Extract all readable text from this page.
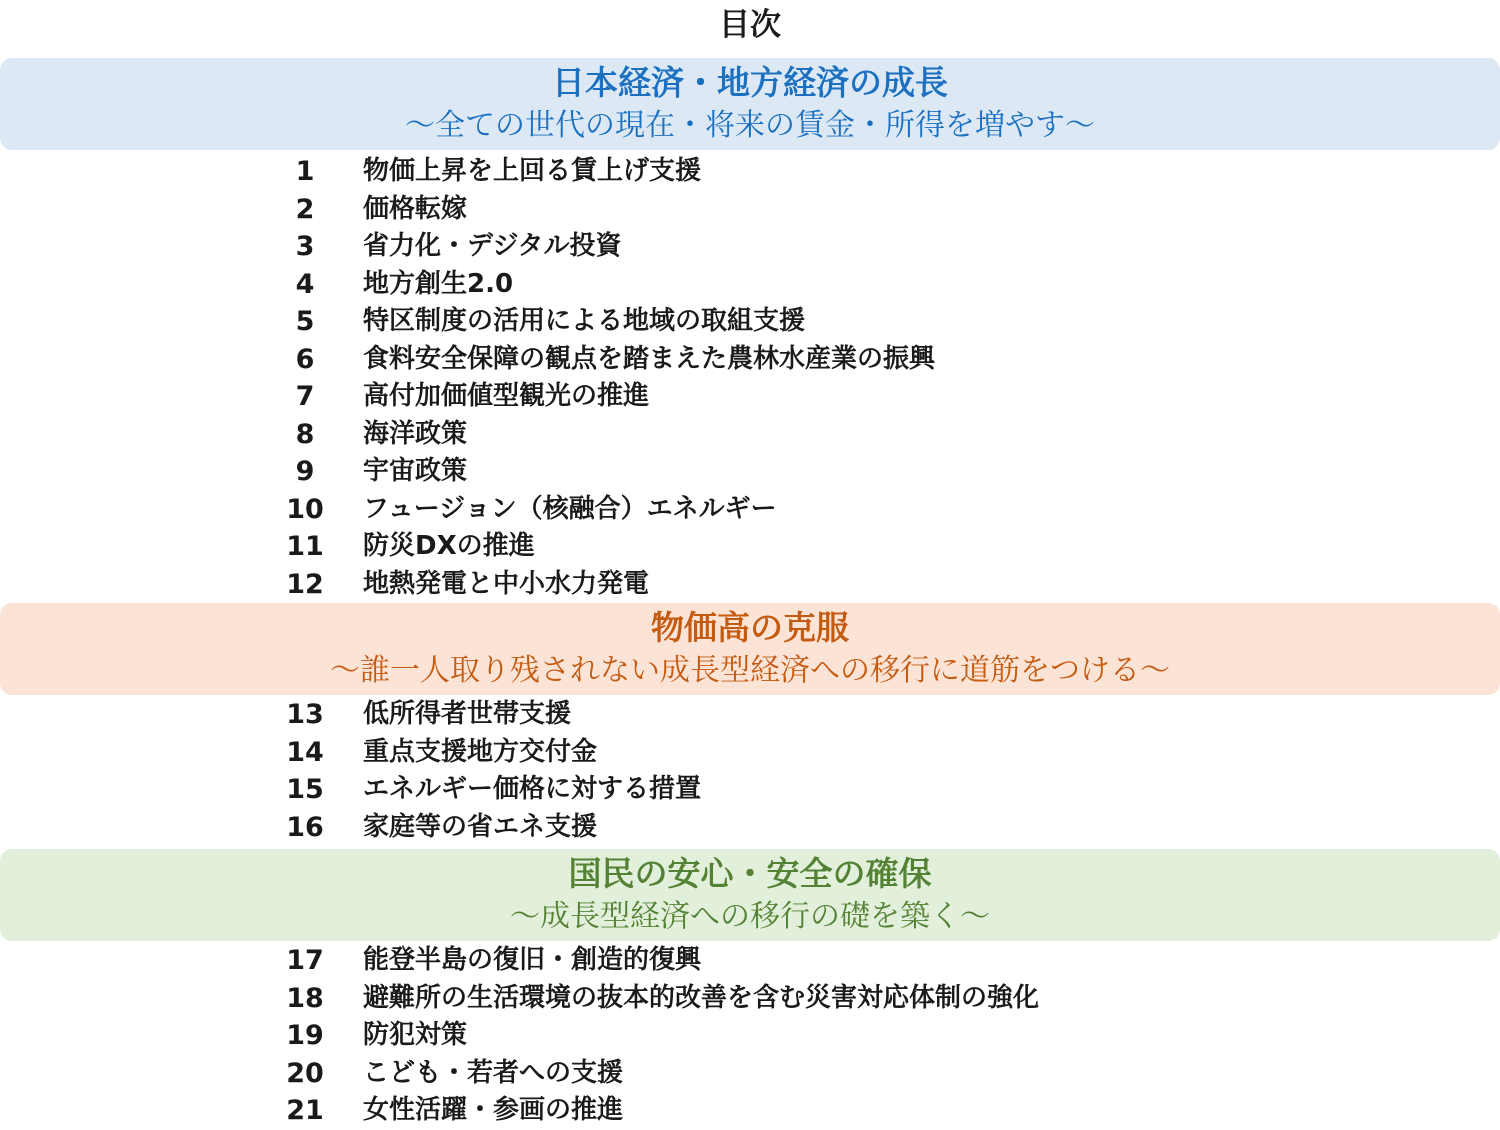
目次
日本経済・地方経済の成長
～全ての世代の現在・将来の賃金・所得を増やす～
1	物価上昇を上回る賃上げ支援
2	価格転嫁
3	省力化・デジタル投資
4	地方創生2.0
5	特区制度の活用による地域の取組支援
6	食料安全保障の観点を踏まえた農林水産業の振興
7	高付加価値型観光の推進
8	海洋政策
9	宇宙政策
10	フュージョン（核融合）エネルギー
11	防災DXの推進
12	地熱発電と中小水力発電
物価高の克服
～誰一人取り残されない成長型経済への移行に道筋をつける～
13	低所得者世帯支援
14	重点支援地方交付金
15	エネルギー価格に対する措置
16	家庭等の省エネ支援
国民の安心・安全の確保
～成長型経済への移行の礎を築く～
17	能登半島の復旧・創造的復興
18	避難所の生活環境の抜本的改善を含む災害対応体制の強化
19	防犯対策
20	こども・若者への支援
21	女性活躍・参画の推進
